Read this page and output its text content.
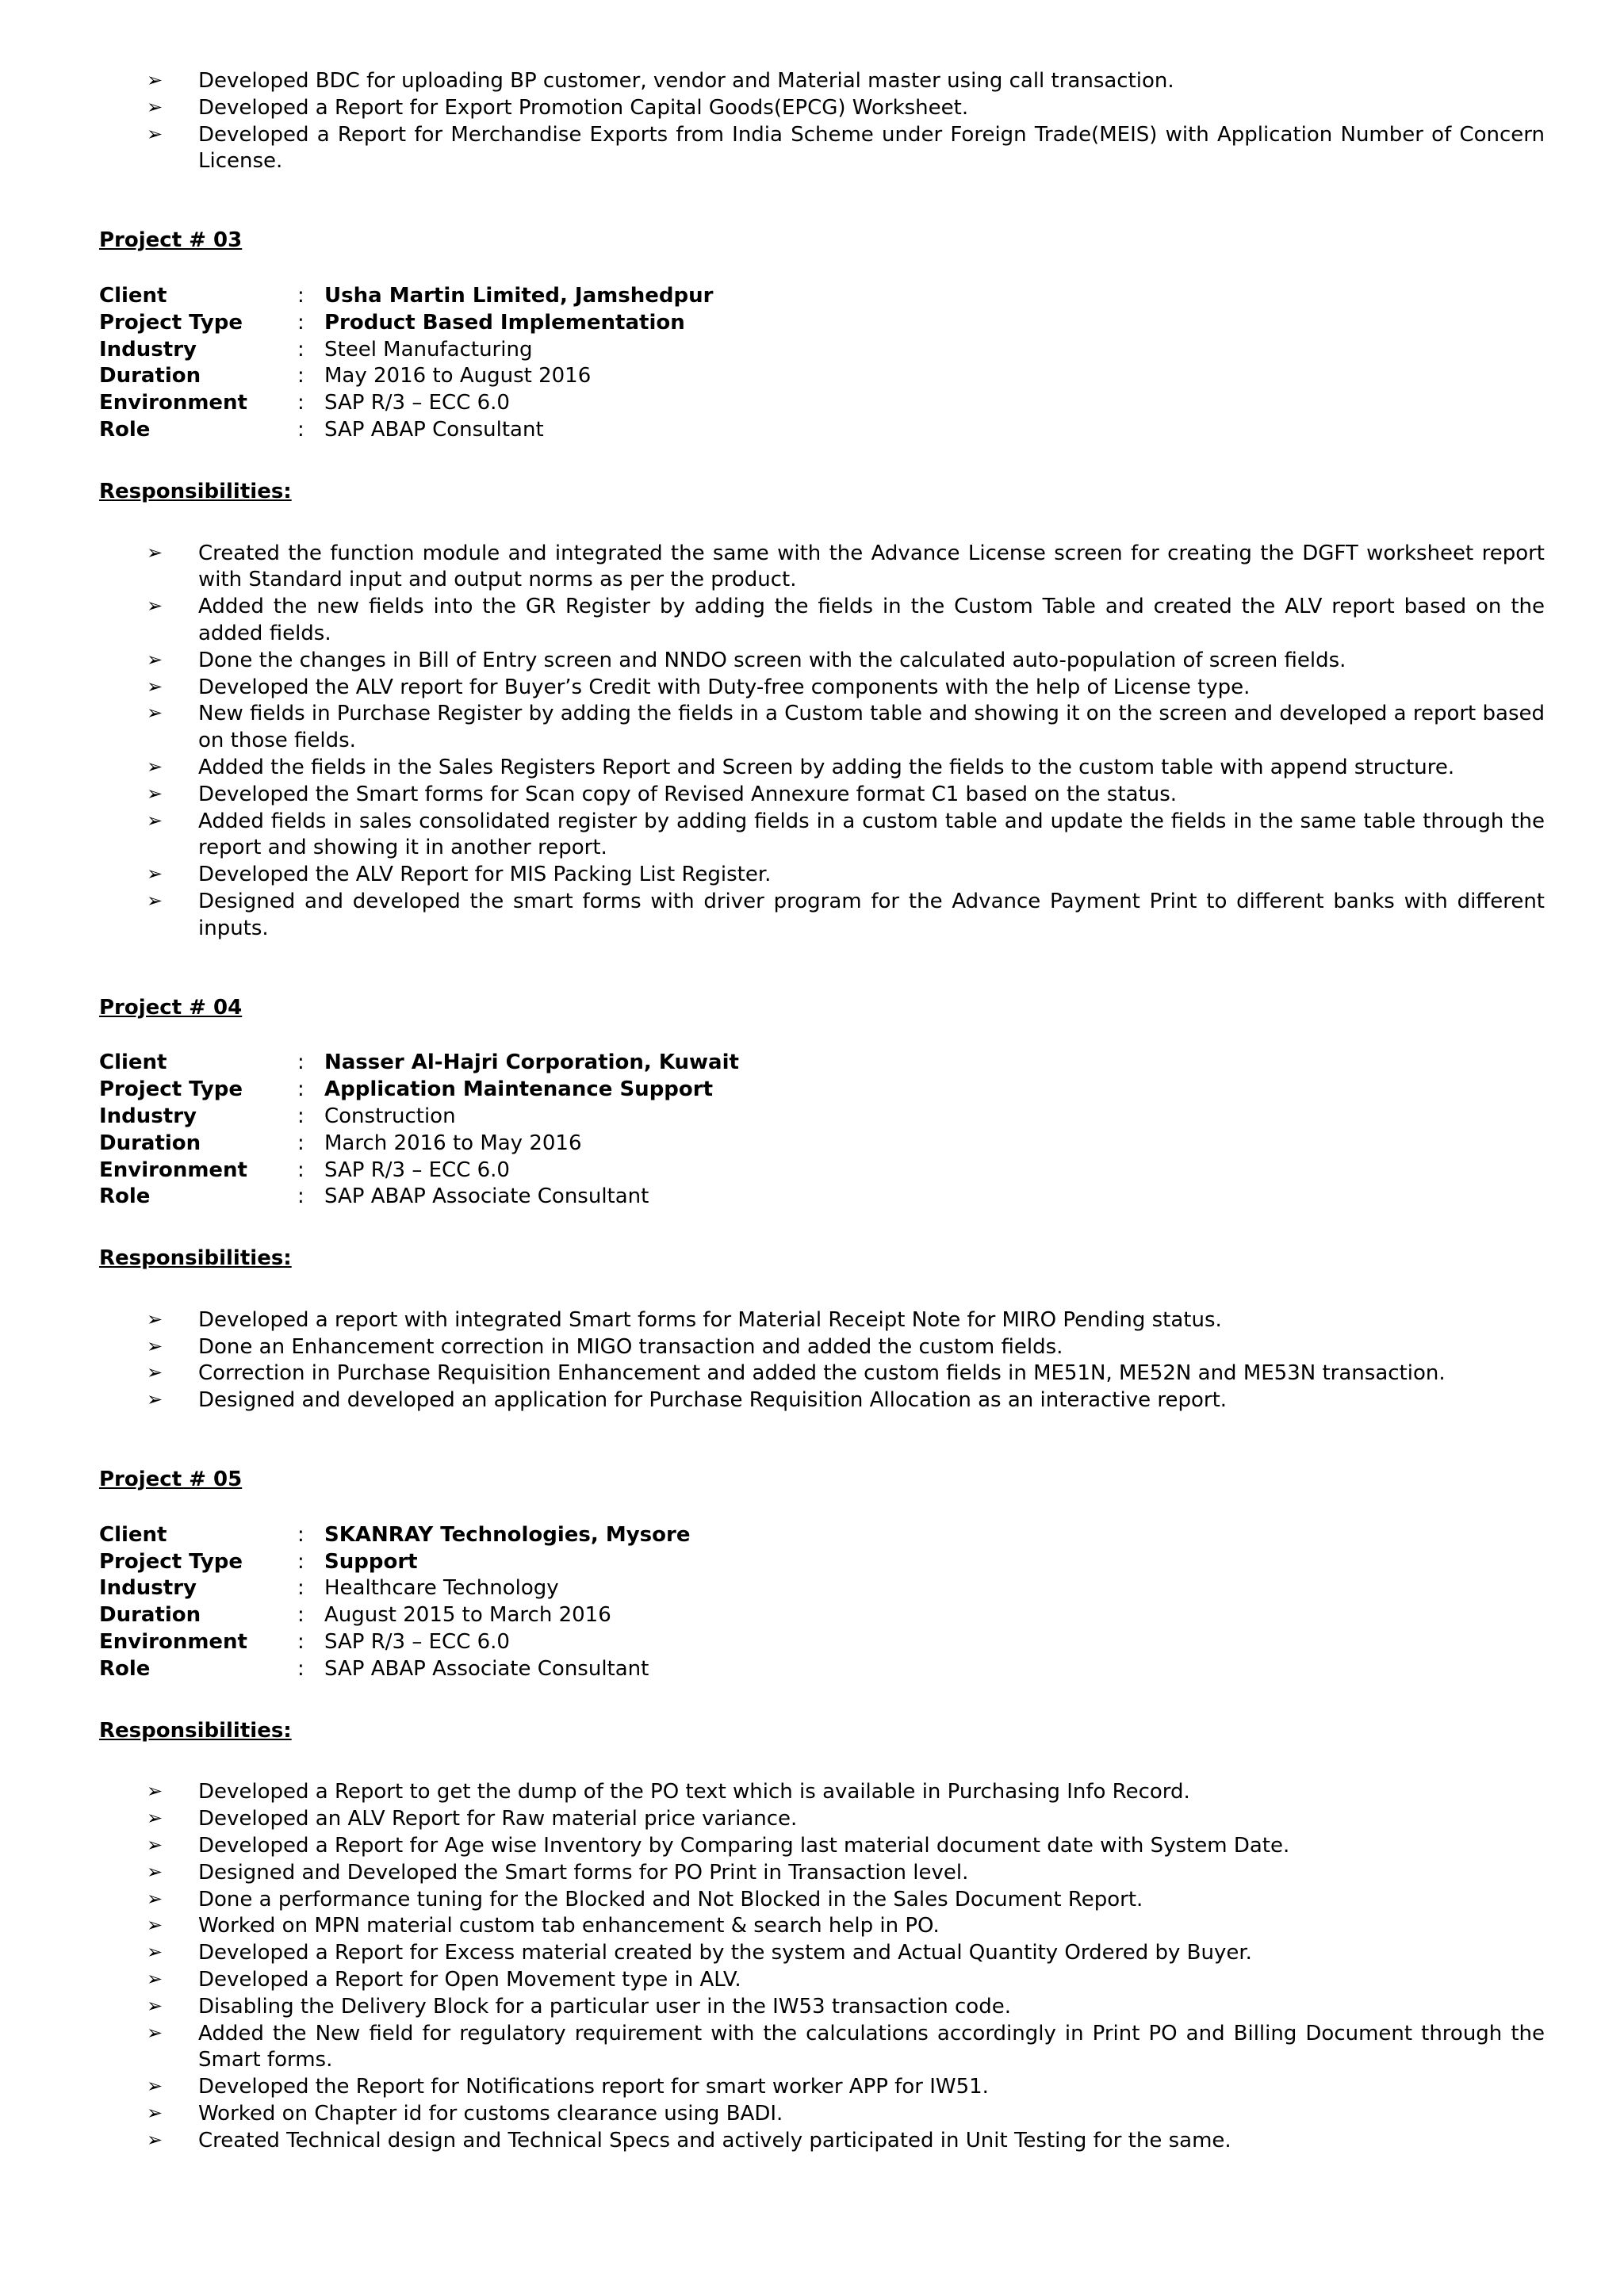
➢ Developed BDC for uploading BP customer, vendor and Material master using call transaction.
➢ Developed a Report for Export Promotion Capital Goods(EPCG) Worksheet.
➢ Developed a Report for Merchandise Exports from India Scheme under Foreign Trade(MEIS) with Application Number of Concern License.
Project # 03
Client	: Usha Martin Limited, Jamshedpur
Project Type	: Product Based Implementation
Industry	: Steel Manufacturing
Duration	: May 2016 to August 2016
Environment	: SAP R/3 – ECC 6.0
Role	: SAP ABAP Consultant
Responsibilities:
➢ Created the function module and integrated the same with the Advance License screen for creating the DGFT worksheet report with Standard input and output norms as per the product.
➢ Added the new fields into the GR Register by adding the fields in the Custom Table and created the ALV report based on the added fields.
➢ Done the changes in Bill of Entry screen and NNDO screen with the calculated auto-population of screen fields.
➢ Developed the ALV report for Buyer’s Credit with Duty-free components with the help of License type.
➢ New fields in Purchase Register by adding the fields in a Custom table and showing it on the screen and developed a report based on those fields.
➢ Added the fields in the Sales Registers Report and Screen by adding the fields to the custom table with append structure.
➢ Developed the Smart forms for Scan copy of Revised Annexure format C1 based on the status.
➢ Added fields in sales consolidated register by adding fields in a custom table and update the fields in the same table through the report and showing it in another report.
➢ Developed the ALV Report for MIS Packing List Register.
➢ Designed and developed the smart forms with driver program for the Advance Payment Print to different banks with different inputs.
Project # 04
Client	: Nasser Al-Hajri Corporation, Kuwait
Project Type	: Application Maintenance Support
Industry	: Construction
Duration	: March 2016 to May 2016
Environment	: SAP R/3 – ECC 6.0
Role	: SAP ABAP Associate Consultant
Responsibilities:
➢ Developed a report with integrated Smart forms for Material Receipt Note for MIRO Pending status.
➢ Done an Enhancement correction in MIGO transaction and added the custom fields.
➢ Correction in Purchase Requisition Enhancement and added the custom fields in ME51N, ME52N and ME53N transaction.
➢ Designed and developed an application for Purchase Requisition Allocation as an interactive report.
Project # 05
Client	: SKANRAY Technologies, Mysore
Project Type	: Support
Industry	: Healthcare Technology
Duration	: August 2015 to March 2016
Environment	: SAP R/3 – ECC 6.0
Role	: SAP ABAP Associate Consultant
Responsibilities:
➢ Developed a Report to get the dump of the PO text which is available in Purchasing Info Record.
➢ Developed an ALV Report for Raw material price variance.
➢ Developed a Report for Age wise Inventory by Comparing last material document date with System Date.
➢ Designed and Developed the Smart forms for PO Print in Transaction level.
➢ Done a performance tuning for the Blocked and Not Blocked in the Sales Document Report.
➢ Worked on MPN material custom tab enhancement & search help in PO.
➢ Developed a Report for Excess material created by the system and Actual Quantity Ordered by Buyer.
➢ Developed a Report for Open Movement type in ALV.
➢ Disabling the Delivery Block for a particular user in the IW53 transaction code.
➢ Added the New field for regulatory requirement with the calculations accordingly in Print PO and Billing Document through the Smart forms.
➢ Developed the Report for Notifications report for smart worker APP for IW51.
➢ Worked on Chapter id for customs clearance using BADI.
➢ Created Technical design and Technical Specs and actively participated in Unit Testing for the same.
